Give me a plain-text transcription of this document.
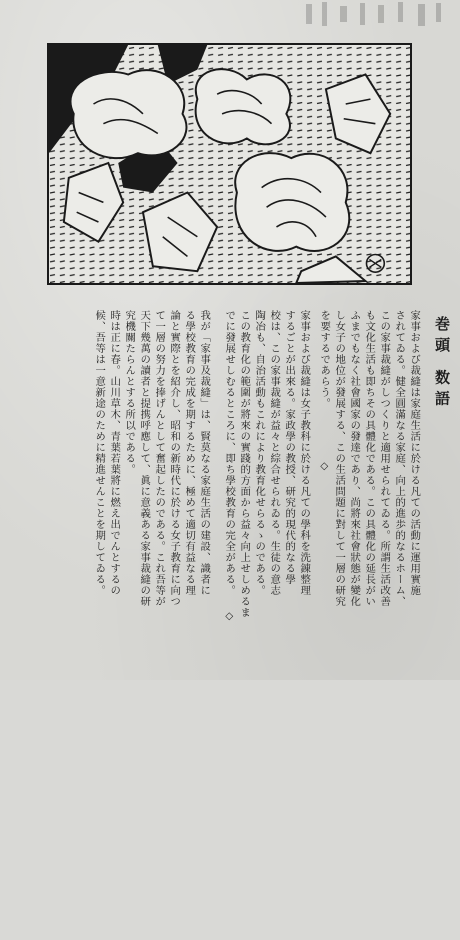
巻頭 数語
家事および裁縫は家庭生活に於ける凡ての活動に運用實施
されてゐる。健全圓滿なる家庭、向上的進歩的なるホーム、
この家事裁縫がしつくりと適用せられてゐる。所謂生活改善
も文化生活も即ちその具體化である。この具體化の延長がい
ふまでもなく社會國家の發達であり、尚將來社會狀態が變化
し女子の地位が發展する、この生活問題に對して一層の研究
を要するであらう。
◇
家事および裁縫は女子教科に於ける凡ての學科を洗錬整理
するごとが出來る。家政學の教授、研究的現代的なる學
校は、この家事裁縫が益々と綜合せられゐる。生徒の意志
陶冶も、自治活動もこれにより教育化せらるゝのである。
この教育化の範圍が將來の實踐的方面から益々向上せしめるま
でに發展せしむるところに、即ち學校教育の完全がある。
◇
我が「家事及裁縫」は、賢莫なる家庭生活の建設、識者に
る學校教育の完成を期するために、極めて適切有益なる理
論と實際とを紹介し、昭和の新時代に於ける女子教育に向つ
て一層の努力を捧げんとして奮起したのである。これ吾等が
天下幾萬の讀者と提携呼應して、眞に意義ある家事裁縫の研
究機關たらんとする所以である。
時は正に春。山川草木、青葉若葉將に燃え出でんとするの
候、吾等は一意新途のために精進せんことを期してゐる。
